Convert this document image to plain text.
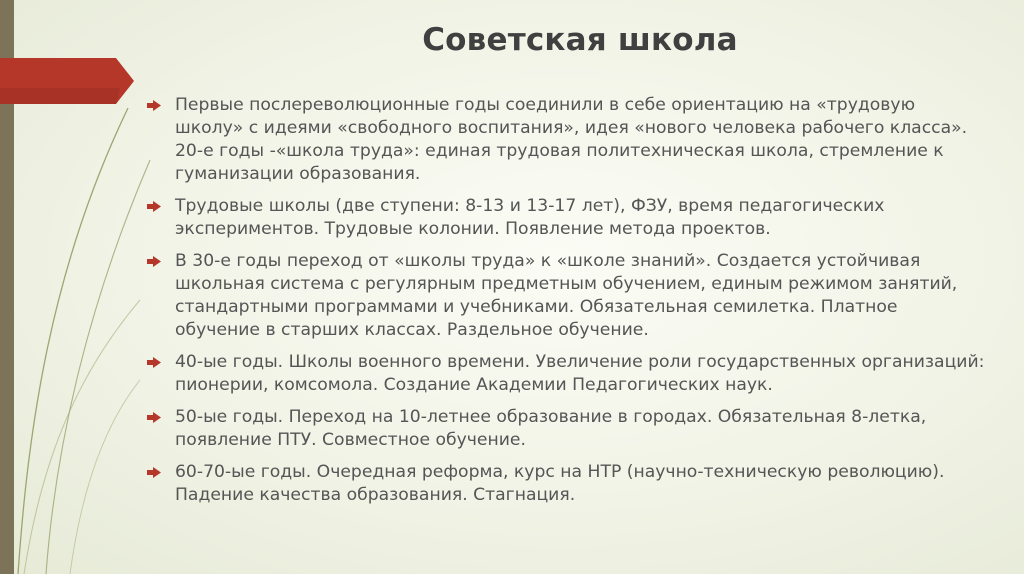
Советская школа
Первые послереволюционные годы соединили в себе ориентацию на «трудовую школу» с идеями «свободного воспитания», идея «нового человека рабочего класса». 20-е годы -«школа труда»: единая трудовая политехническая школа, стремление к гуманизации образования.
Трудовые школы (две ступени: 8-13 и 13-17 лет), ФЗУ, время педагогических экспериментов. Трудовые колонии. Появление метода проектов.
В 30-е годы переход от «школы труда» к «школе знаний». Создается устойчивая школьная система с регулярным предметным обучением, единым режимом занятий, стандартными программами и учебниками. Обязательная семилетка. Платное обучение в старших классах. Раздельное обучение.
40-ые годы. Школы военного времени. Увеличение роли государственных организаций: пионерии, комсомола. Создание Академии Педагогических наук.
50-ые годы. Переход на 10-летнее образование в городах. Обязательная 8-летка, появление ПТУ. Совместное обучение.
60-70-ые годы. Очередная реформа, курс на НТР (научно-техническую революцию). Падение качества образования. Стагнация.
